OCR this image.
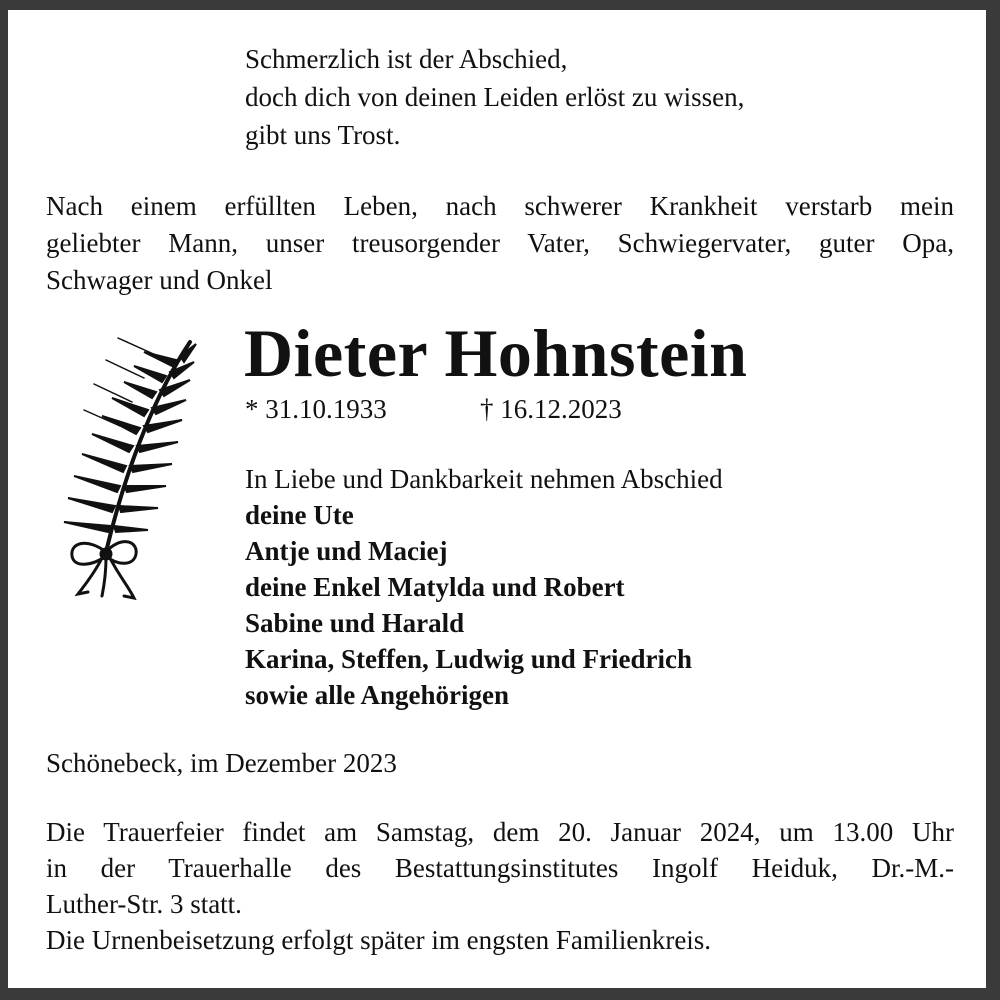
Schmerzlich ist der Abschied,
doch dich von deinen Leiden erlöst zu wissen,
gibt uns Trost.
Nach einem erfüllten Leben, nach schwerer Krankheit verstarb mein
geliebter Mann, unser treusorgender Vater, Schwiegervater, guter Opa,
Schwager und Onkel
Dieter Hohnstein
* 31.10.1933	† 16.12.2023
In Liebe und Dankbarkeit nehmen Abschied
deine Ute
Antje und Maciej
deine Enkel Matylda und Robert
Sabine und Harald
Karina, Steffen, Ludwig und Friedrich
sowie alle Angehörigen
Schönebeck, im Dezember 2023
Die Trauerfeier findet am Samstag, dem 20. Januar 2024, um 13.00 Uhr
in der Trauerhalle des Bestattungsinstitutes Ingolf Heiduk, Dr.-M.-
Luther-Str. 3 statt.
Die Urnenbeisetzung erfolgt später im engsten Familienkreis.
